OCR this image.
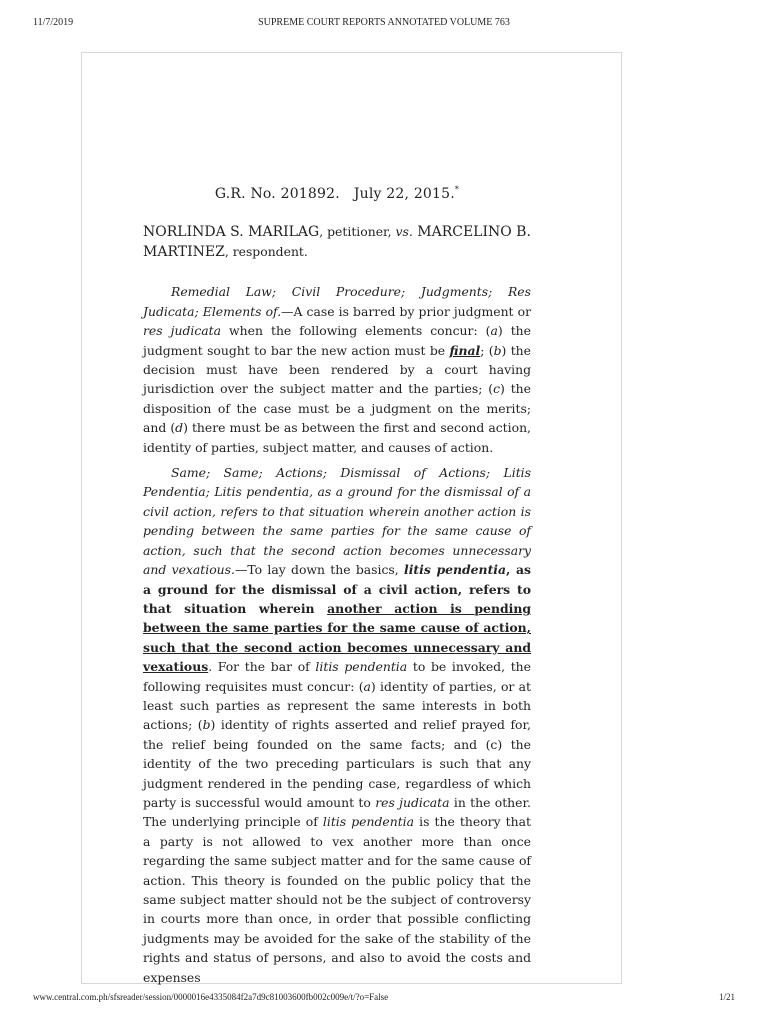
11/7/2019	SUPREME COURT REPORTS ANNOTATED VOLUME 763
G.R. No. 201892. July 22, 2015.*
NORLINDA S. MARILAG, petitioner, vs. MARCELINO B. MARTINEZ, respondent.

Remedial Law; Civil Procedure; Judgments; Res Judicata; Elements of.—A case is barred by prior judgment or res judicata when the following elements concur: (a) the judgment sought to bar the new action must be final; (b) the decision must have been rendered by a court having jurisdiction over the subject matter and the parties; (c) the disposition of the case must be a judgment on the merits; and (d) there must be as between the first and second action, identity of parties, subject matter, and causes of action.

Same; Same; Actions; Dismissal of Actions; Litis Pendentia; Litis pendentia, as a ground for the dismissal of a civil action, refers to that situation wherein another action is pending between the same parties for the same cause of action, such that the second action becomes unnecessary and vexatious.—To lay down the basics, litis pendentia, as a ground for the dismissal of a civil action, refers to that situation wherein another action is pending between the same parties for the same cause of action, such that the second action becomes unnecessary and vexatious. For the bar of litis pendentia to be invoked, the following requisites must concur: (a) identity of parties, or at least such parties as represent the same interests in both actions; (b) identity of rights asserted and relief prayed for, the relief being founded on the same facts; and (c) the identity of the two preceding particulars is such that any judgment rendered in the pending case, regardless of which party is successful would amount to res judicata in the other. The underlying principle of litis pendentia is the theory that a party is not allowed to vex another more than once regarding the same subject matter and for the same cause of action. This theory is founded on the public policy that the same subject matter should not be the subject of controversy in courts more than once, in order that possible conflicting judgments may be avoided for the sake of the stability of the rights and status of persons, and also to avoid the costs and expenses

www.central.com.ph/sfsreader/session/0000016e4335084f2a7d9c81003600fb002c009e/t/?o=False	1/21
